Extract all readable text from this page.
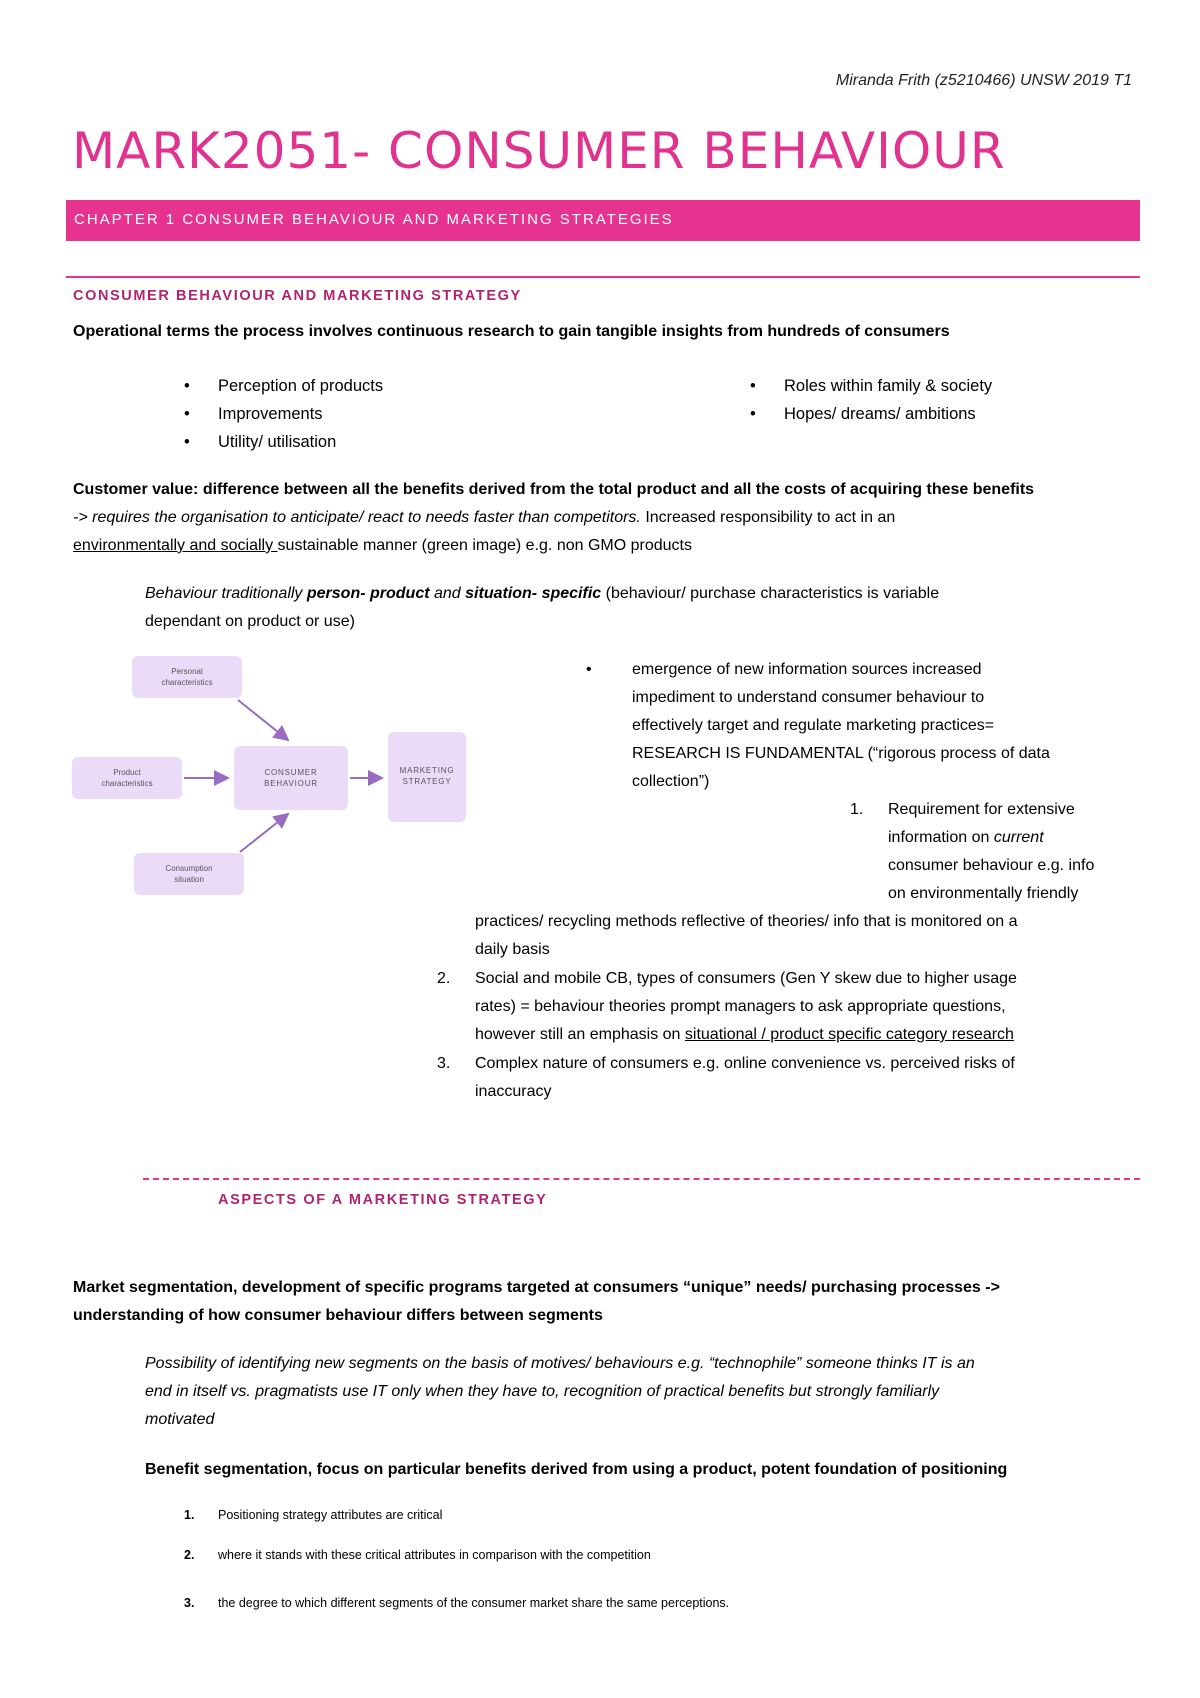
Miranda Frith (z5210466) UNSW 2019 T1
MARK2051- CONSUMER BEHAVIOUR
CHAPTER 1 CONSUMER BEHAVIOUR AND MARKETING STRATEGIES
CONSUMER BEHAVIOUR AND MARKETING STRATEGY
Operational terms the process involves continuous research to gain tangible insights from hundreds of consumers
• Perception of products
• Improvements
• Utility/ utilisation
• Roles within family & society
• Hopes/ dreams/ ambitions
Customer value: difference between all the benefits derived from the total product and all the costs of acquiring these benefits
-> requires the organisation to anticipate/ react to needs faster than competitors. Increased responsibility to act in an
environmentally and socially sustainable manner (green image) e.g. non GMO products
Behaviour traditionally person- product and situation- specific (behaviour/ purchase characteristics is variable
dependant on product or use)
Personal
characteristics
Product
characteristics
Consumption
situation
CONSUMER
BEHAVIOUR
MARKETING
STRATEGY
•	emergence of new information sources increased
impediment to understand consumer behaviour to
effectively target and regulate marketing practices=
RESEARCH IS FUNDAMENTAL (“rigorous process of data
collection”)
1. Requirement for extensive
information on current
consumer behaviour e.g. info
on environmentally friendly
practices/ recycling methods reflective of theories/ info that is monitored on a
daily basis
2. Social and mobile CB, types of consumers (Gen Y skew due to higher usage
rates) = behaviour theories prompt managers to ask appropriate questions,
however still an emphasis on situational / product specific category research
3. Complex nature of consumers e.g. online convenience vs. perceived risks of
inaccuracy
ASPECTS OF A MARKETING STRATEGY
Market segmentation, development of specific programs targeted at consumers “unique” needs/ purchasing processes ->
understanding of how consumer behaviour differs between segments
Possibility of identifying new segments on the basis of motives/ behaviours e.g. “technophile” someone thinks IT is an
end in itself vs. pragmatists use IT only when they have to, recognition of practical benefits but strongly familiarly
motivated
Benefit segmentation, focus on particular benefits derived from using a product, potent foundation of positioning
1. Positioning strategy attributes are critical
2. where it stands with these critical attributes in comparison with the competition
3. the degree to which different segments of the consumer market share the same perceptions.
